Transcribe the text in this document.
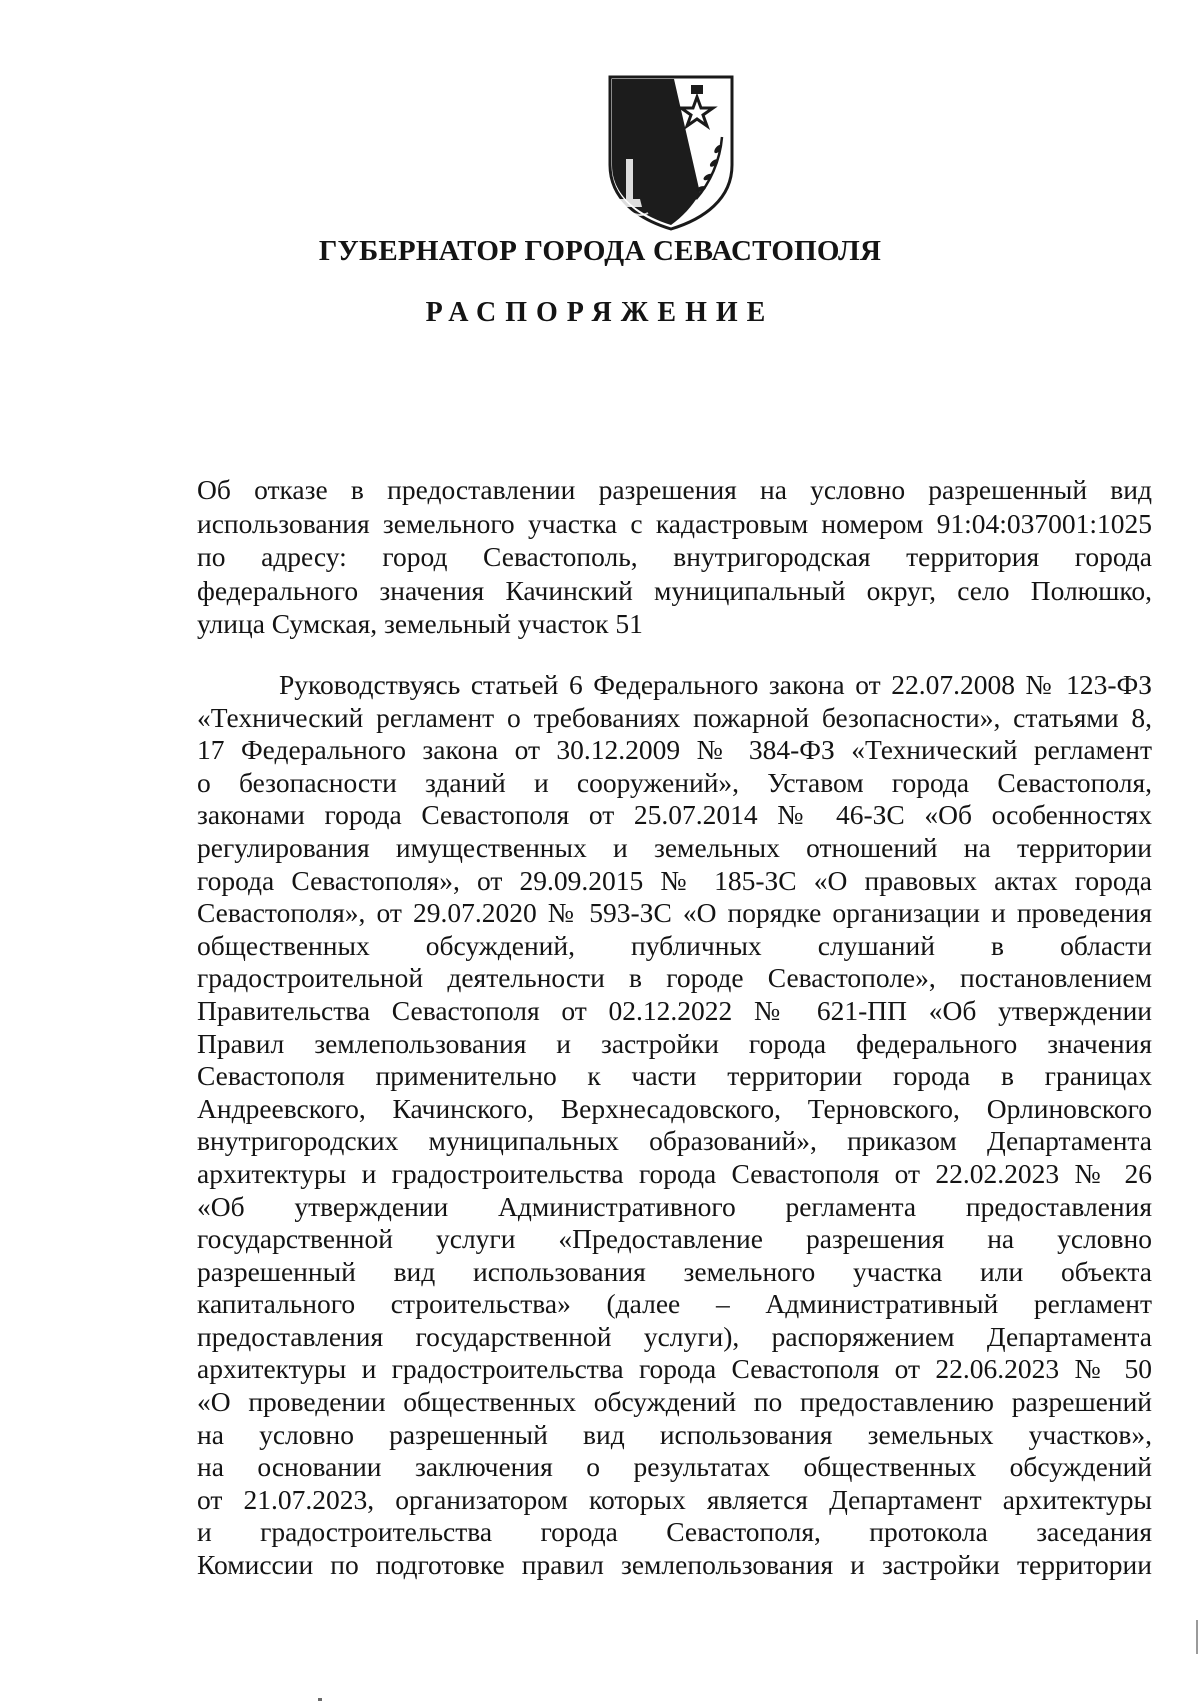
ГУБЕРНАТОР ГОРОДА СЕВАСТОПОЛЯ
РАСПОРЯЖЕНИЕ
Об отказе в предоставлении разрешения на условно разрешенный вид
использования земельного участка с кадастровым номером 91:04:037001:1025
по адресу: город Севастополь, внутригородская территория города
федерального значения Качинский муниципальный округ, село Полюшко,
улица Сумская, земельный участок 51
Руководствуясь статьей 6 Федерального закона от 22.07.2008 № 123-ФЗ
«Технический регламент о требованиях пожарной безопасности», статьями 8,
17 Федерального закона от 30.12.2009 № 384-ФЗ «Технический регламент
о безопасности зданий и сооружений», Уставом города Севастополя,
законами города Севастополя от 25.07.2014 № 46-ЗС «Об особенностях
регулирования имущественных и земельных отношений на территории
города Севастополя», от 29.09.2015 № 185-ЗС «О правовых актах города
Севастополя», от 29.07.2020 № 593-ЗС «О порядке организации и проведения
общественных обсуждений, публичных слушаний в области
градостроительной деятельности в городе Севастополе», постановлением
Правительства Севастополя от 02.12.2022 № 621-ПП «Об утверждении
Правил землепользования и застройки города федерального значения
Севастополя применительно к части территории города в границах
Андреевского, Качинского, Верхнесадовского, Терновского, Орлиновского
внутригородских муниципальных образований», приказом Департамента
архитектуры и градостроительства города Севастополя от 22.02.2023 № 26
«Об утверждении Административного регламента предоставления
государственной услуги «Предоставление разрешения на условно
разрешенный вид использования земельного участка или объекта
капитального строительства» (далее – Административный регламент
предоставления государственной услуги), распоряжением Департамента
архитектуры и градостроительства города Севастополя от 22.06.2023 № 50
«О проведении общественных обсуждений по предоставлению разрешений
на условно разрешенный вид использования земельных участков»,
на основании заключения о результатах общественных обсуждений
от 21.07.2023, организатором которых является Департамент архитектуры
и градостроительства города Севастополя, протокола заседания
Комиссии по подготовке правил землепользования и застройки территории
